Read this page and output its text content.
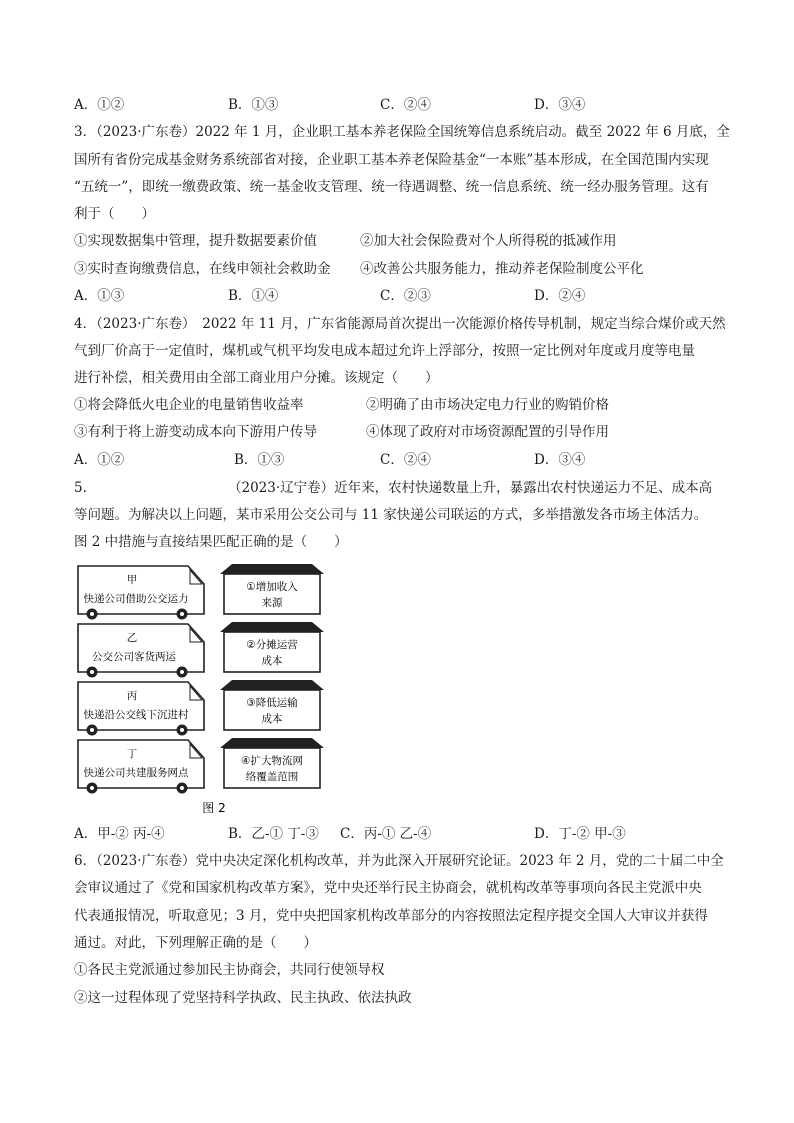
A．①②	B．①③	C．②④	D．③④
3．（2023·广东卷）2022 年 1 月，企业职工基本养老保险全国统筹信息系统启动。截至 2022 年 6 月底，全
国所有省份完成基金财务系统部省对接，企业职工基本养老保险基金“一本账”基本形成，在全国范围内实现
“五统一”，即统一缴费政策、统一基金收支管理、统一待遇调整、统一信息系统、统一经办服务管理。这有
利于（　　）
①实现数据集中管理，提升数据要素价值	②加大社会保险费对个人所得税的抵减作用
③实时查询缴费信息，在线申领社会救助金 ④改善公共服务能力，推动养老保险制度公平化
A．①③	B．①④	C．②③	D．②④
4．（2023·广东卷）　2022 年 11 月，广东省能源局首次提出一次能源价格传导机制，规定当综合煤价或天然
气到厂价高于一定值时，煤机或气机平均发电成本超过允许上浮部分，按照一定比例对年度或月度等电量
进行补偿，相关费用由全部工商业用户分摊。该规定（　　）
①将会降低火电企业的电量销售收益率	②明确了由市场决定电力行业的购销价格
③有利于将上游变动成本向下游用户传导	④体现了政府对市场资源配置的引导作用
A．①②	B．①③	C．②④	D．③④
5.	（2023·辽宁卷）近年来，农村快递数量上升，暴露出农村快递运力不足、成本高
等问题。为解决以上问题，某市采用公交公司与 11 家快递公司联运的方式，多举措激发各市场主体活力。
图 2 中措施与直接结果匹配正确的是（　　）
甲
快递公司借助公交运力
乙
公交公司客货两运
丙
快递沿公交线下沉进村
丁
快递公司共建服务网点
①增加收入
来源
②分摊运营
成本
③降低运输
成本
④扩大物流网
络覆盖范围
图 2
A．甲-② 丙-④	B．乙-① 丁-③ C．丙-① 乙-④	D．丁-② 甲-③
6．（2023·广东卷）党中央决定深化机构改革，并为此深入开展研究论证。2023 年 2 月，党的二十届二中全
会审议通过了《党和国家机构改革方案》，党中央还举行民主协商会，就机构改革等事项向各民主党派中央
代表通报情况，听取意见；3 月，党中央把国家机构改革部分的内容按照法定程序提交全国人大审议并获得
通过。对此，下列理解正确的是（　　）
①各民主党派通过参加民主协商会，共同行使领导权
②这一过程体现了党坚持科学执政、民主执政、依法执政
